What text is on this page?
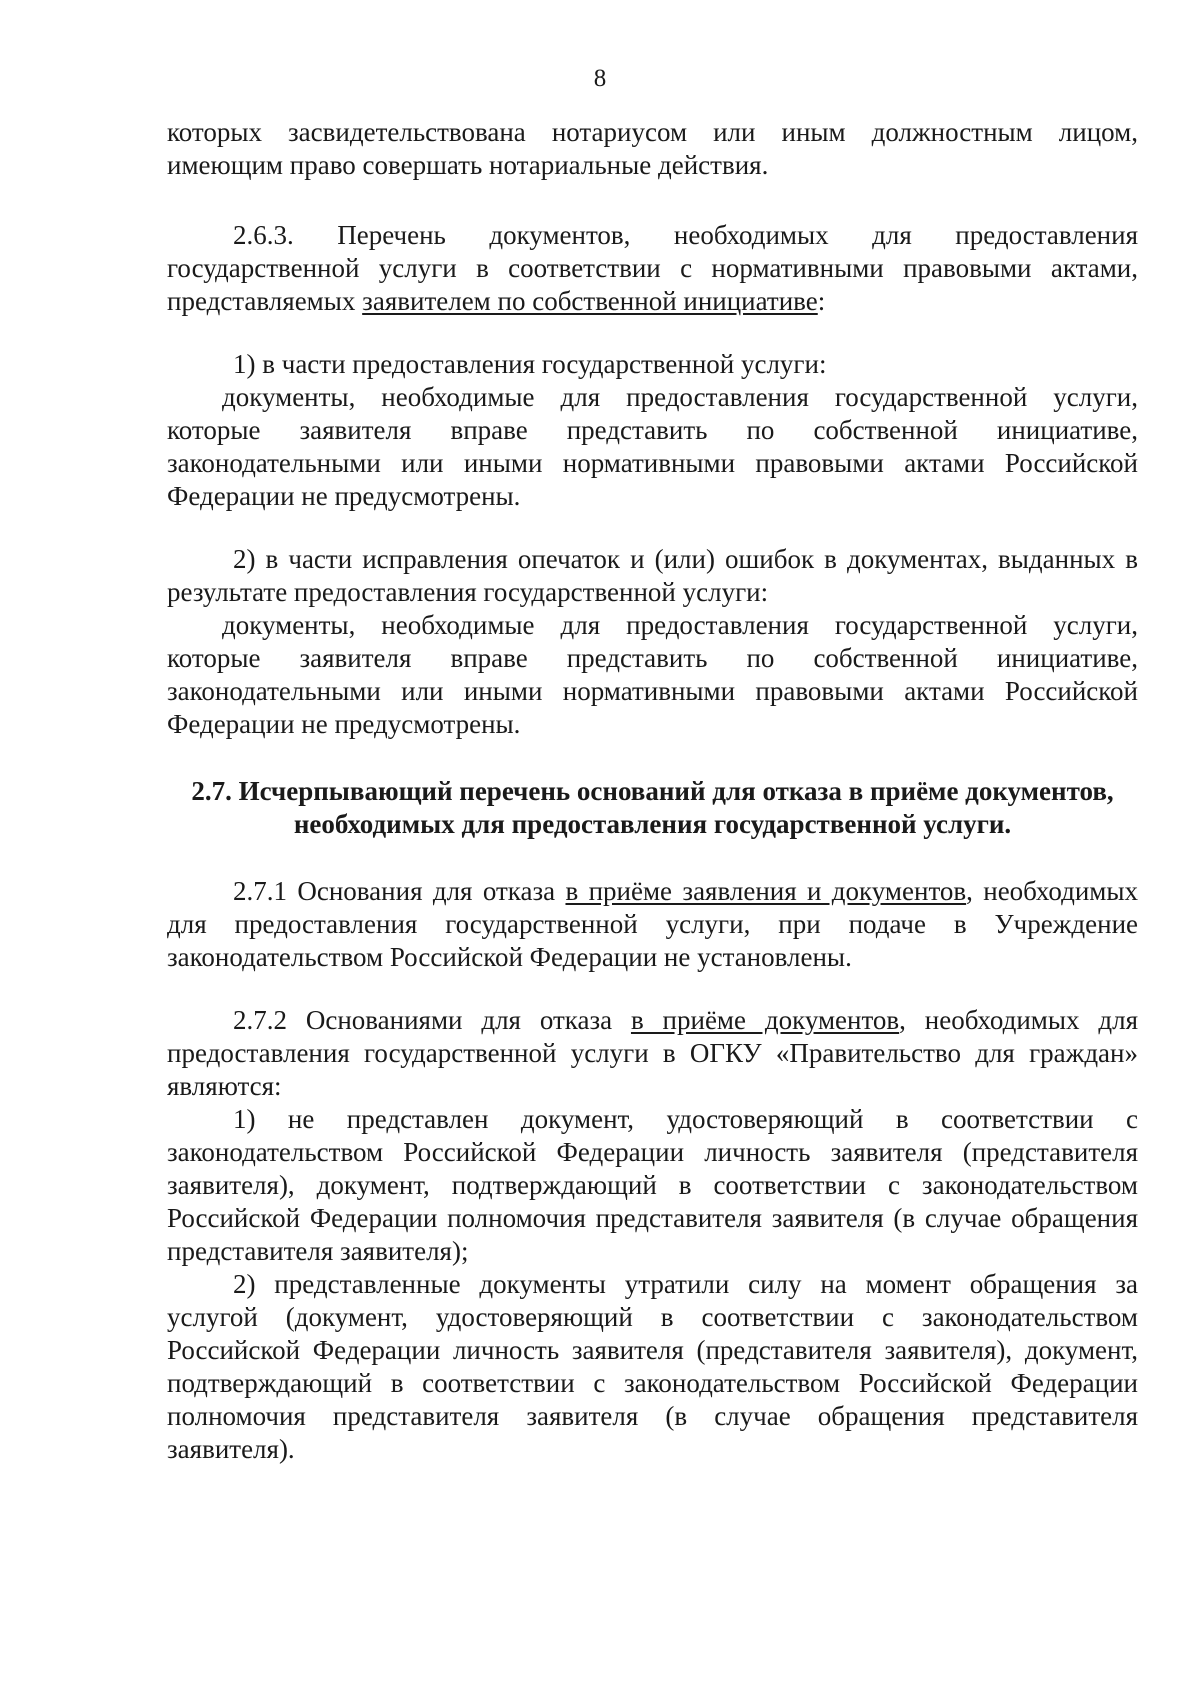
8

которых засвидетельствована нотариусом или иным должностным лицом, имеющим право совершать нотариальные действия.

2.6.3. Перечень документов, необходимых для предоставления государственной услуги в соответствии с нормативными правовыми актами, представляемых заявителем по собственной инициативе:

1) в части предоставления государственной услуги:

документы, необходимые для предоставления государственной услуги, которые заявителя вправе представить по собственной инициативе, законодательными или иными нормативными правовыми актами Российской Федерации не предусмотрены.

2) в части исправления опечаток и (или) ошибок в документах, выданных в результате предоставления государственной услуги:

документы, необходимые для предоставления государственной услуги, которые заявителя вправе представить по собственной инициативе, законодательными или иными нормативными правовыми актами Российской Федерации не предусмотрены.

2.7. Исчерпывающий перечень оснований для отказа в приёме документов, необходимых для предоставления государственной услуги.

2.7.1 Основания для отказа в приёме заявления и документов, необходимых для предоставления государственной услуги, при подаче в Учреждение законодательством Российской Федерации не установлены.

2.7.2 Основаниями для отказа в приёме документов, необходимых для предоставления государственной услуги в ОГКУ «Правительство для граждан» являются:

1) не представлен документ, удостоверяющий в соответствии с законодательством Российской Федерации личность заявителя (представителя заявителя), документ, подтверждающий в соответствии с законодательством Российской Федерации полномочия представителя заявителя (в случае обращения представителя заявителя);

2) представленные документы утратили силу на момент обращения за услугой (документ, удостоверяющий в соответствии с законодательством Российской Федерации личность заявителя (представителя заявителя), документ, подтверждающий в соответствии с законодательством Российской Федерации полномочия представителя заявителя (в случае обращения представителя заявителя).
